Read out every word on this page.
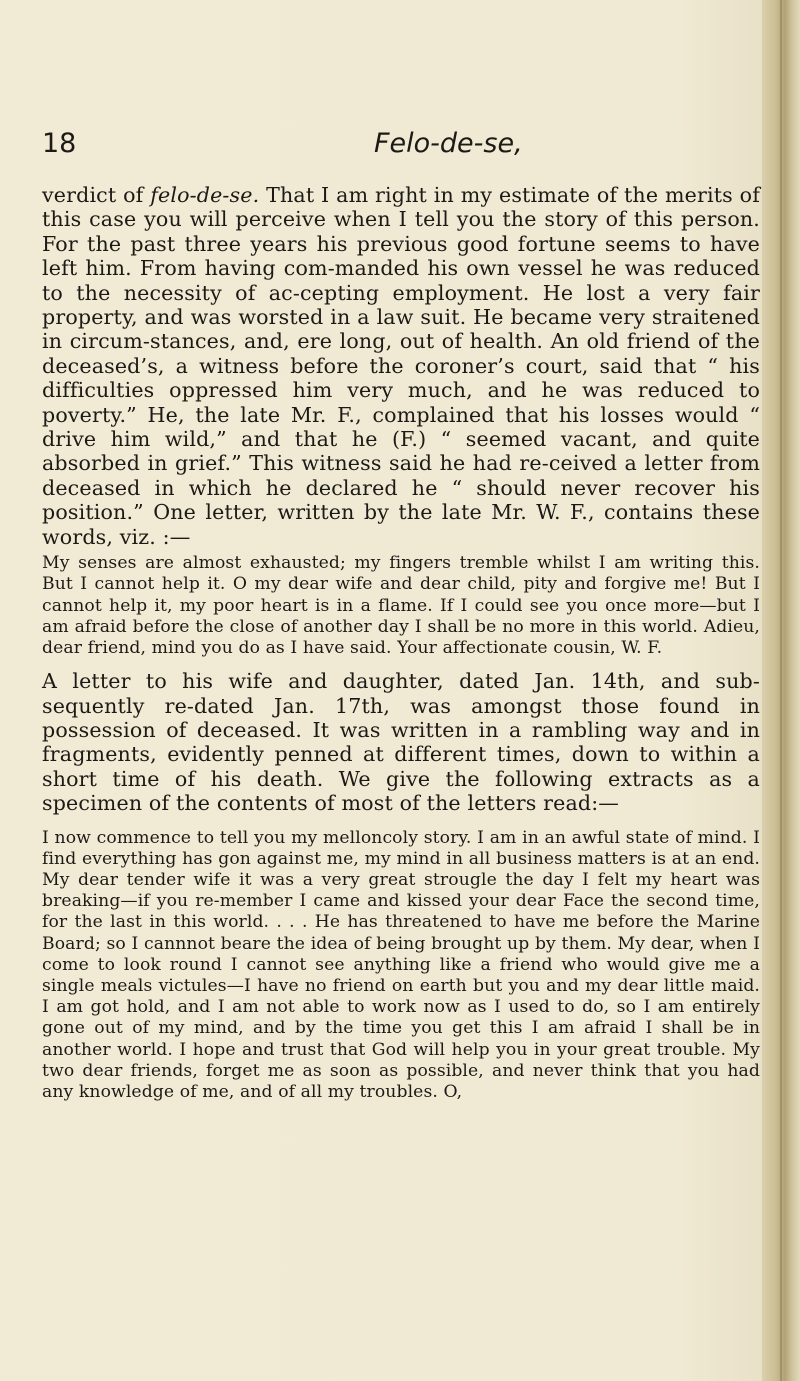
18	Felo-de-se,

verdict of felo-de-se. That I am right in my estimate of the merits of this case you will perceive when I tell you the story of this person. For the past three years his previous good fortune seems to have left him. From having com-manded his own vessel he was reduced to the necessity of ac-cepting employment. He lost a very fair property, and was worsted in a law suit. He became very straitened in circum-stances, and, ere long, out of health. An old friend of the deceased’s, a witness before the coroner’s court, said that “ his difficulties oppressed him very much, and he was reduced to poverty.” He, the late Mr. F., complained that his losses would “ drive him wild,” and that he (F.) “ seemed vacant, and quite absorbed in grief.” This witness said he had re-ceived a letter from deceased in which he declared he “ should never recover his position.” One letter, written by the late Mr. W. F., contains these words, viz. :—

My senses are almost exhausted; my fingers tremble whilst I am writing this. But I cannot help it. O my dear wife and dear child, pity and forgive me! But I cannot help it, my poor heart is in a flame. If I could see you once more—but I am afraid before the close of another day I shall be no more in this world. Adieu, dear friend, mind you do as I have said. Your affectionate cousin, W. F.

A letter to his wife and daughter, dated Jan. 14th, and sub-sequently re-dated Jan. 17th, was amongst those found in possession of deceased. It was written in a rambling way and in fragments, evidently penned at different times, down to within a short time of his death. We give the following extracts as a specimen of the contents of most of the letters read:—

I now commence to tell you my melloncoly story. I am in an awful state of mind. I find everything has gon against me, my mind in all business matters is at an end. My dear tender wife it was a very great strougle the day I felt my heart was breaking—if you re-member I came and kissed your dear Face the second time, for the last in this world. . . . He has threatened to have me before the Marine Board; so I cannnot beare the idea of being brought up by them. My dear, when I come to look round I cannot see anything like a friend who would give me a single meals victules—I have no friend on earth but you and my dear little maid. I am got hold, and I am not able to work now as I used to do, so I am entirely gone out of my mind, and by the time you get this I am afraid I shall be in another world. I hope and trust that God will help you in your great trouble. My two dear friends, forget me as soon as possible, and never think that you had any knowledge of me, and of all my troubles. O,
